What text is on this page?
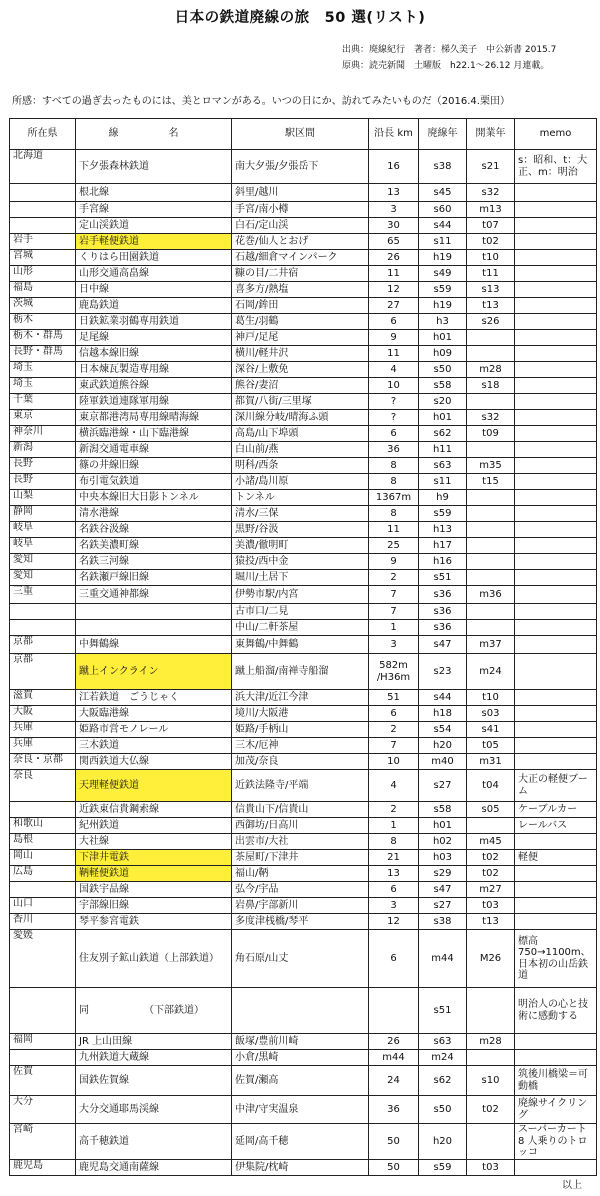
日本の鉄道廃線の旅　50 選(リスト)
出典：廃線紀行　著者：梯久美子　中公新書 2015.7
原典：読売新聞　土曜版　h22.1～26.12 月連載。
所感：すべての過ぎ去ったものには、美とロマンがある。いつの日にか、訪れてみたいものだ（2016.4.栗田）
所在県	線　名	駅区間	沿長 km	廃線年	開業年	memo
北海道	下夕張森林鉄道	南大夕張/夕張岳下	16	s38	s21	s：昭和、t：大正、m：明治
	根北線	斜里/越川	13	s45	s32	
	手宮線	手宮/南小樽	3	s60	m13	
	定山渓鉄道	白石/定山渓	30	s44	t07	
岩手	岩手軽便鉄道	花巻/仙人とおげ	65	s11	t02	
宮城	くりはら田園鉄道	石越/細倉マインパーク	26	h19	t10	
山形	山形交通高畠線	糠の目/二井宿	11	s49	t11	
福島	日中線	喜多方/熱塩	12	s59	s13	
茨城	鹿島鉄道	石岡/鉾田	27	h19	t13	
栃木	日鉄鉱業羽鶴専用鉄道	葛生/羽鶴	6	h3	s26	
栃木・群馬	足尾線	神戸/足尾	9	h01		
長野・群馬	信越本線旧線	横川/軽井沢	11	h09		
埼玉	日本煉瓦製造専用線	深谷/上敷免	4	s50	m28	
埼玉	東武鉄道熊谷線	熊谷/妻沼	10	s58	s18	
千葉	陸軍鉄道連隊軍用線	都賀/八街/三里塚	?	s20		
東京	東京都港湾局専用線晴海線	深川線分岐/晴海ふ頭	?	h01	s32	
神奈川	横浜臨港線・山下臨港線	高島/山下埠頭	6	s62	t09	
新潟	新潟交通電車線	白山前/燕	36	h11		
長野	篠の井線旧線	明科/西条	8	s63	m35	
長野	布引電気鉄道	小諸/島川原	8	s11	t15	
山梨	中央本線旧大日影トンネル	トンネル	1367m	h9		
静岡	清水港線	清水/三保	8	s59		
岐阜	名鉄谷汲線	黒野/谷汲	11	h13		
岐阜	名鉄美濃町線	美濃/徹明町	25	h17		
愛知	名鉄三河線	猿投/西中金	9	h16		
愛知	名鉄瀬戸線旧線	堀川/土居下	2	s51		
三重	三重交通神都線	伊勢市駅/内宮	7	s36	m36	
		古市口/二見	7	s36		
		中山/二軒茶屋	1	s36		
京都	中舞鶴線	東舞鶴/中舞鶴	3	s47	m37	
京都	蹴上インクライン	蹴上船溜/南禅寺船溜	582m /H36m	s23	m24	
滋賀	江若鉄道　ごうじゃく	浜大津/近江今津	51	s44	t10	
大阪	大阪臨港線	境川/大阪港	6	h18	s03	
兵庫	姫路市営モノレール	姫路/手柄山	2	s54	s41	
兵庫	三木鉄道	三木/厄神	7	h20	t05	
奈良・京都	関西鉄道大仏線	加茂/奈良	10	m40	m31	
奈良	天理軽便鉄道	近鉄法隆寺/平端	4	s27	t04	大正の軽便ブーム
	近鉄東信貴鋼索線	信貴山下/信貴山	2	s58	s05	ケーブルカー
和歌山	紀州鉄道	西御坊/日高川	1	h01		レールバス
島根	大社線	出雲市/大社	8	h02	m45	
岡山	下津井電鉄	茶屋町/下津井	21	h03	t02	軽便
広島	鞆軽便鉄道	福山/鞆	13	s29	t02	
	国鉄宇品線	弘今/宇品	6	s47	m27	
山口	宇部線旧線	岩鼻/宇部新川	3	s27	t03	
香川	琴平参宮電鉄	多度津桟橋/琴平	12	s38	t13	
愛媛	住友別子鉱山鉄道（上部鉄道）	角石原/山丈	6	m44	M26	標高750→1100m、日本初の山岳鉄道
	同　　　　　　（下部鉄道）			s51		明治人の心と技術に感動する
福岡	JR 上山田線	飯塚/豊前川崎	26	s63	m28	
	九州鉄道大蔵線	小倉/黒崎	m44	m24		
佐賀	国鉄佐賀線	佐賀/瀬高	24	s62	s10	筑後川橋梁＝可動橋
大分	大分交通耶馬渓線	中津/守実温泉	36	s50	t02	廃線サイクリング
宮崎	高千穂鉄道	延岡/高千穂	50	h20		スーパーカート 8 人乗りのトロッコ
鹿児島	鹿児島交通南薩線	伊集院/枕崎	50	s59	t03	
以上
